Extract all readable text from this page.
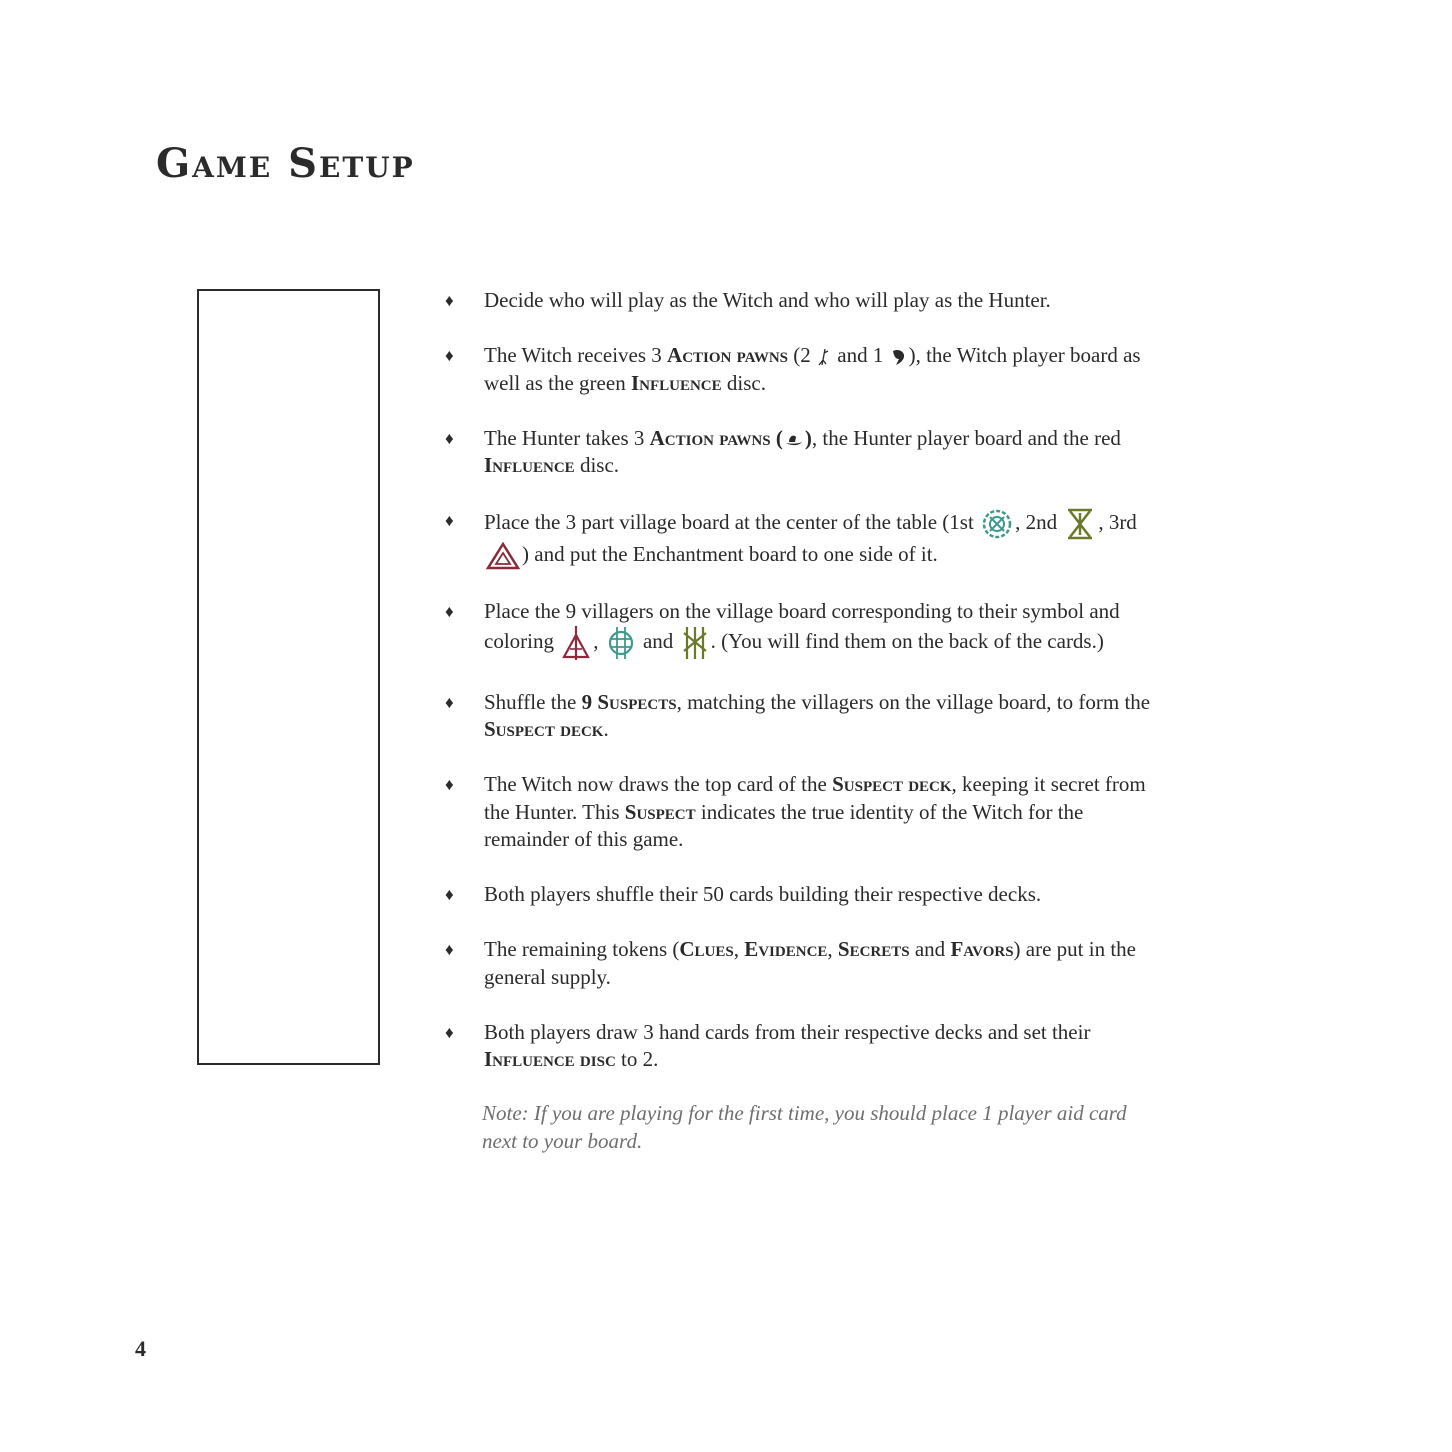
Game Setup
♦ Decide who will play as the Witch and who will play as the Hunter.
♦ The Witch receives 3 Action pawns (2  and 1 ), the Witch player board as well as the green Influence disc.
♦ The Hunter takes 3 Action pawns ( ), the Hunter player board and the red Influence disc.
♦ Place the 3 part village board at the center of the table (1st , 2nd , 3rd ) and put the Enchantment board to one side of it.
♦ Place the 9 villagers on the village board corresponding to their symbol and coloring ,  and . (You will find them on the back of the cards.)
♦ Shuffle the 9 Suspects, matching the villagers on the village board, to form the Suspect deck.
♦ The Witch now draws the top card of the Suspect deck, keeping it secret from the Hunter. This Suspect indicates the true identity of the Witch for the remainder of this game.
♦ Both players shuffle their 50 cards building their respective decks.
♦ The remaining tokens (Clues, Evidence, Secrets and Favors) are put in the general supply.
♦ Both players draw 3 hand cards from their respective decks and set their Influence disc to 2.

Note: If you are playing for the first time, you should place 1 player aid card next to your board.

4
